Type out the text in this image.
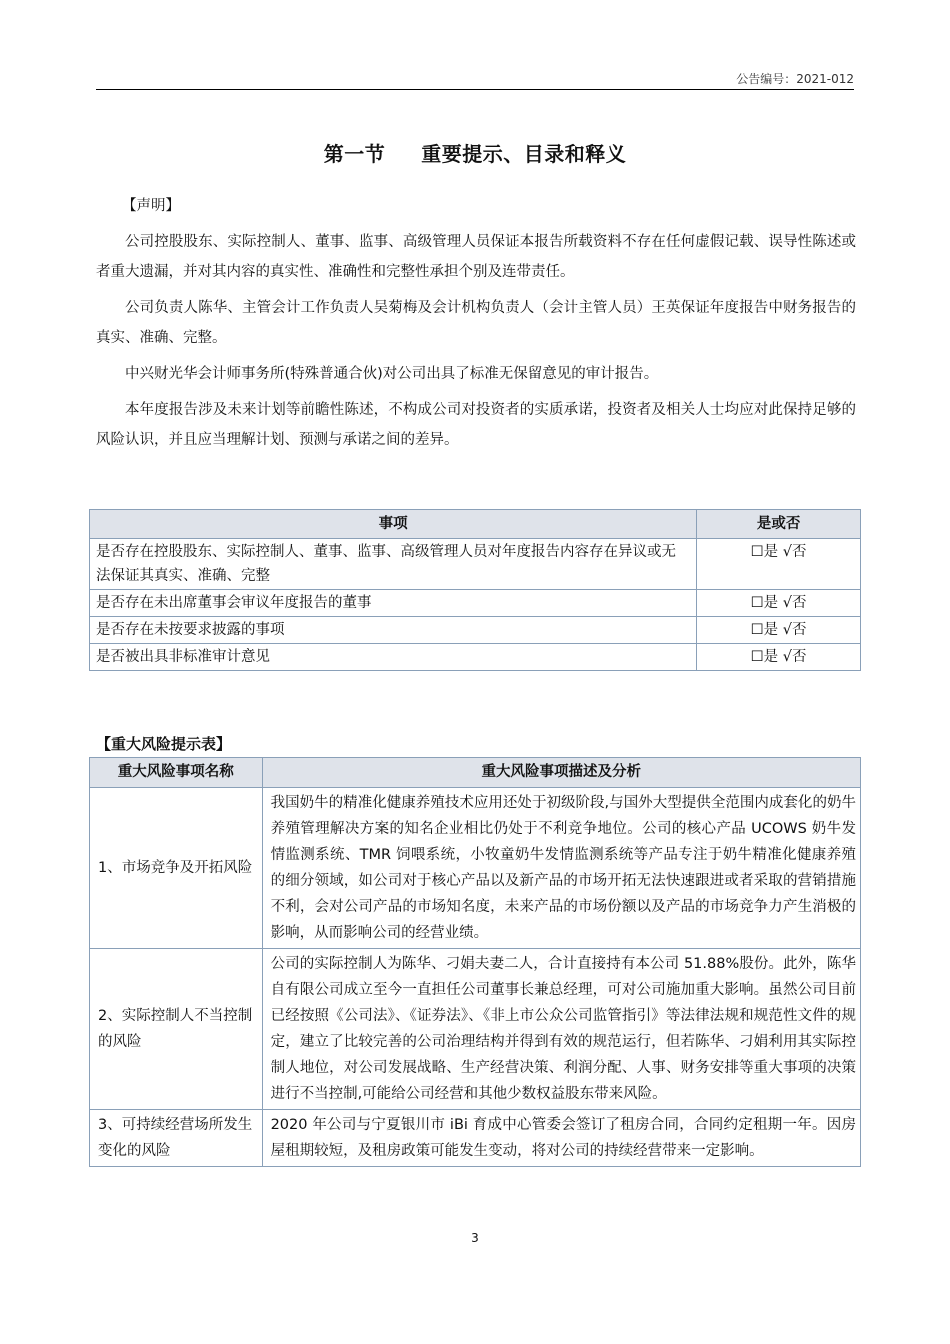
公告编号：2021-012
第一节 重要提示、目录和释义
【声明】

公司控股股东、实际控制人、董事、监事、高级管理人员保证本报告所载资料不存在任何虚假记载、误导性陈述或者重大遗漏，并对其内容的真实性、准确性和完整性承担个别及连带责任。

公司负责人陈华、主管会计工作负责人吴菊梅及会计机构负责人（会计主管人员）王英保证年度报告中财务报告的真实、准确、完整。

中兴财光华会计师事务所(特殊普通合伙)对公司出具了标准无保留意见的审计报告。

本年度报告涉及未来计划等前瞻性陈述，不构成公司对投资者的实质承诺，投资者及相关人士均应对此保持足够的风险认识，并且应当理解计划、预测与承诺之间的差异。

事项	是或否
是否存在控股股东、实际控制人、董事、监事、高级管理人员对年度报告内容存在异议或无法保证其真实、准确、完整	☐是 √否
是否存在未出席董事会审议年度报告的董事	☐是 √否
是否存在未按要求披露的事项	☐是 √否
是否被出具非标准审计意见	☐是 √否
【重大风险提示表】
重大风险事项名称	重大风险事项描述及分析
1、市场竞争及开拓风险	我国奶牛的精准化健康养殖技术应用还处于初级阶段,与国外大型提供全范围内成套化的奶牛养殖管理解决方案的知名企业相比仍处于不利竞争地位。公司的核心产品 UCOWS 奶牛发情监测系统、TMR 饲喂系统，小牧童奶牛发情监测系统等产品专注于奶牛精准化健康养殖的细分领域，如公司对于核心产品以及新产品的市场开拓无法快速跟进或者采取的营销措施不利，会对公司产品的市场知名度，未来产品的市场份额以及产品的市场竞争力产生消极的影响，从而影响公司的经营业绩。
2、实际控制人不当控制的风险	公司的实际控制人为陈华、刁娟夫妻二人，合计直接持有本公司 51.88%股份。此外，陈华自有限公司成立至今一直担任公司董事长兼总经理，可对公司施加重大影响。虽然公司目前已经按照《公司法》、《证券法》、《非上市公众公司监管指引》等法律法规和规范性文件的规定，建立了比较完善的公司治理结构并得到有效的规范运行，但若陈华、刁娟利用其实际控制人地位，对公司发展战略、生产经营决策、利润分配、人事、财务安排等重大事项的决策进行不当控制,可能给公司经营和其他少数权益股东带来风险。
3、可持续经营场所发生变化的风险	2020 年公司与宁夏银川市 iBi 育成中心管委会签订了租房合同，合同约定租期一年。因房屋租期较短，及租房政策可能发生变动，将对公司的持续经营带来一定影响。
3
